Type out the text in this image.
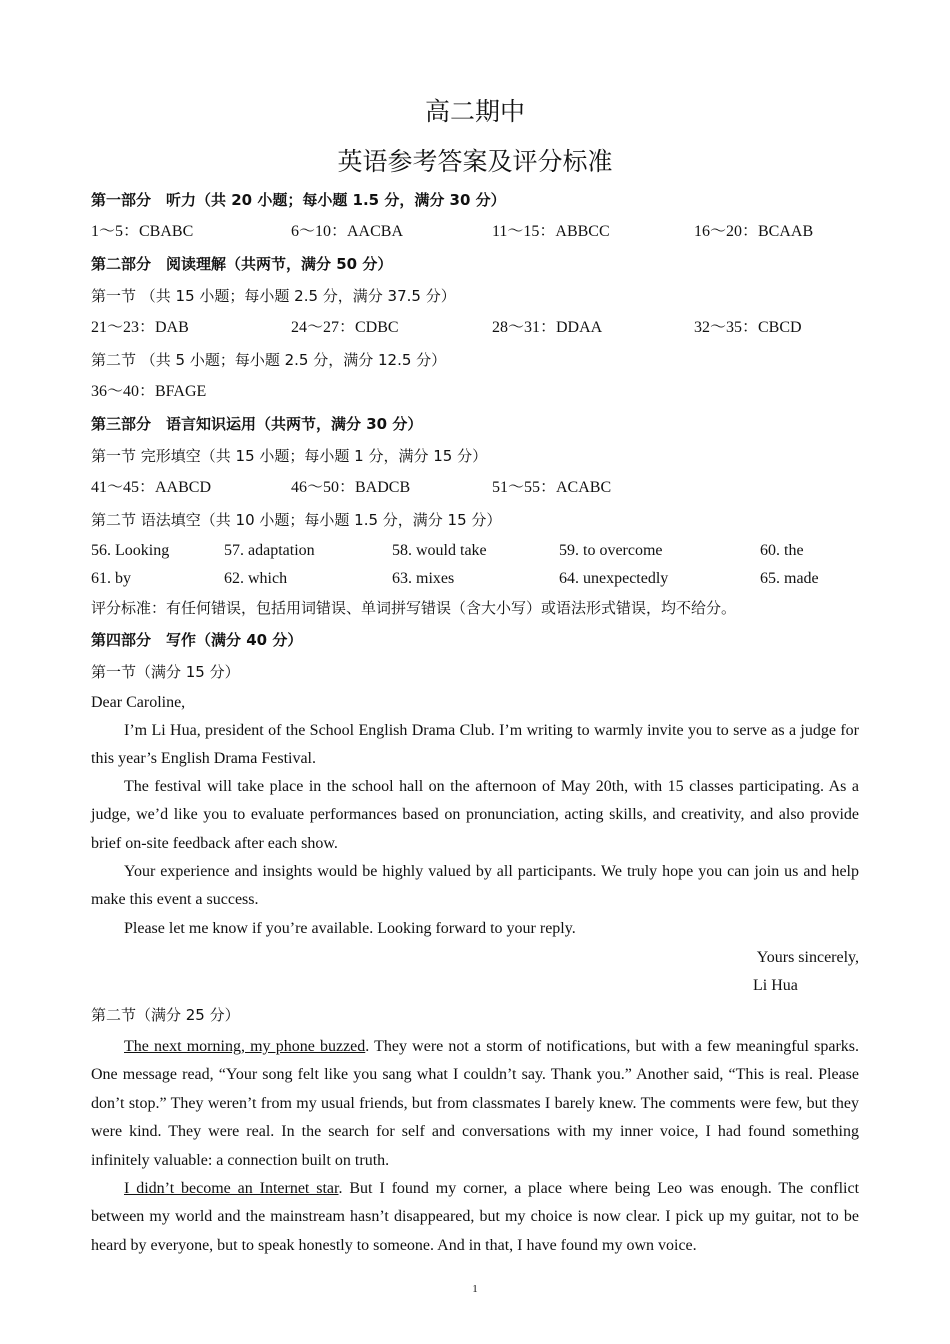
高二期中
英语参考答案及评分标准
第一部分　听力（共 20 小题；每小题 1.5 分，满分 30 分）
1～5：CBABC	6～10：AACBA	11～15：ABBCC	16～20：BCAAB
第二部分　阅读理解（共两节，满分 50 分）
第一节 （共 15 小题；每小题 2.5 分，满分 37.5 分）
21～23：DAB	24～27：CDBC	28～31：DDAA	32～35：CBCD
第二节 （共 5 小题；每小题 2.5 分，满分 12.5 分）
36～40：BFAGE
第三部分　语言知识运用（共两节，满分 30 分）
第一节 完形填空（共 15 小题；每小题 1 分，满分 15 分）
41～45：AABCD	46～50：BADCB	51～55：ACABC
第二节 语法填空（共 10 小题；每小题 1.5 分，满分 15 分）
56. Looking	57. adaptation	58. would take	59. to overcome	60. the
61. by	62. which	63. mixes	64. unexpectedly	65. made
评分标准：有任何错误，包括用词错误、单词拼写错误（含大小写）或语法形式错误，均不给分。
第四部分　写作（满分 40 分）
第一节（满分 15 分）
Dear Caroline,

I’m Li Hua, president of the School English Drama Club. I’m writing to warmly invite you to serve as a judge for this year’s English Drama Festival.

The festival will take place in the school hall on the afternoon of May 20th, with 15 classes participating. As a judge, we’d like you to evaluate performances based on pronunciation, acting skills, and creativity, and also provide brief on-site feedback after each show.

Your experience and insights would be highly valued by all participants. We truly hope you can join us and help make this event a success.

Please let me know if you’re available. Looking forward to your reply.

Yours sincerely,
Li Hua
第二节（满分 25 分）

The next morning, my phone buzzed. They were not a storm of notifications, but with a few meaningful sparks. One message read, “Your song felt like you sang what I couldn’t say. Thank you.” Another said, “This is real. Please don’t stop.” They weren’t from my usual friends, but from classmates I barely knew. The comments were few, but they were kind. They were real. In the search for self and conversations with my inner voice, I had found something infinitely valuable: a connection built on truth.

I didn’t become an Internet star. But I found my corner, a place where being Leo was enough. The conflict between my world and the mainstream hasn’t disappeared, but my choice is now clear. I pick up my guitar, not to be heard by everyone, but to speak honestly to someone. And in that, I have found my own voice.

1
